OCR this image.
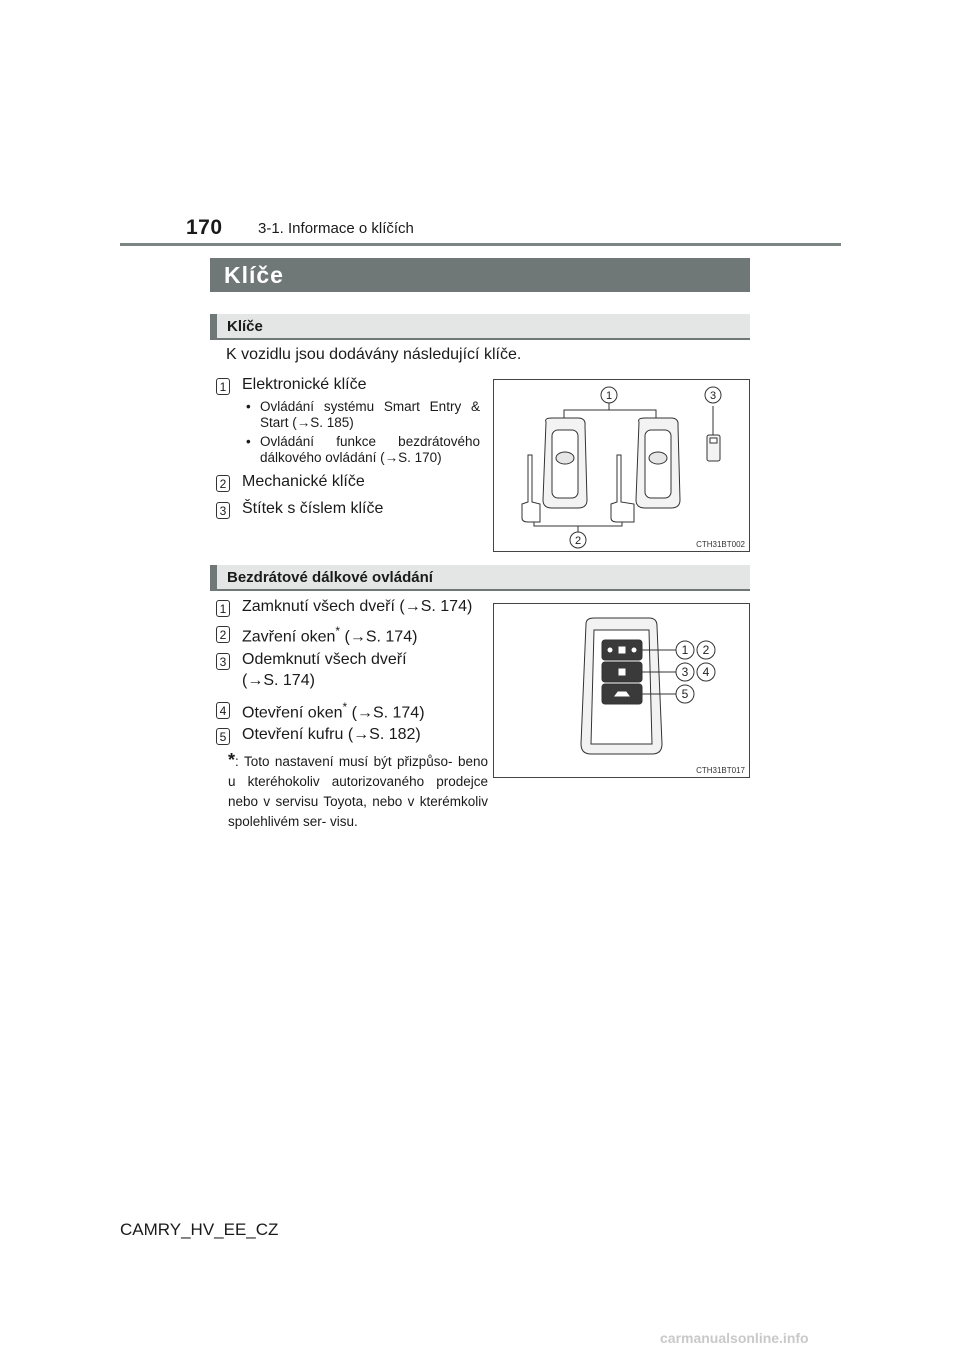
170 3-1. Informace o klíčích
Klíče
Klíče
K vozidlu jsou dodávány následující klíče.
1 Elektronické klíče
• Ovládání systému Smart Entry & Start (→S. 185)
• Ovládání funkce bezdrátového dálkového ovládání (→S. 170)
2 Mechanické klíče
3 Štítek s číslem klíče
1
2
3
CTH31BT002
Bezdrátové dálkové ovládání
1 Zamknutí všech dveří (→S. 174)
2 Zavření oken* (→S. 174)
3 Odemknutí všech dveří
(→S. 174)
4 Otevření oken* (→S. 174)
5 Otevření kufru (→S. 182)
*: Toto nastavení musí být přizpůso- beno u kteréhokoliv autorizovaného prodejce nebo v servisu Toyota, nebo v kterémkoliv spolehlivém ser- visu.
1 2
3 4
5
CTH31BT017
CAMRY_HV_EE_CZ
carmanualsonline.info
